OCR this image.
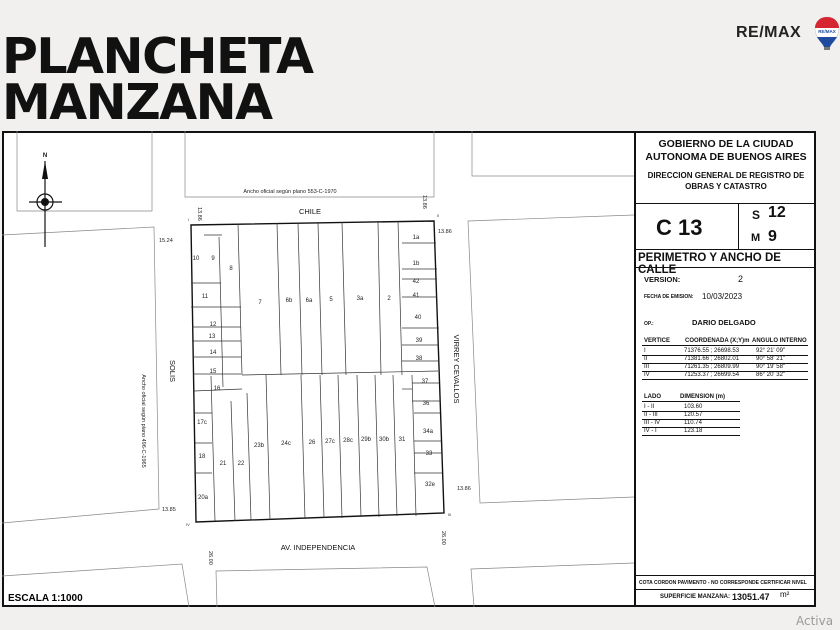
PLANCHETA
MANZANA
RE/MAX	RE/MAX
N
10 9
8
7	6b 6a	5	3a	2
1a
1b
42
41
40
39
38
37
36
34a
33
32e
31
30b
29b
28c
27c
26
24c
23b
22
21
20a
18
17c
16
15
14
13
12
11
CHILE
AV. INDEPENDENCIA
SOLIS	VIRREY CEVALLOS
Ancho oficial según plano 553-C-1970
Ancho oficial según plano 496-C-1965
13.86
13.86
15.24
13.86
13.85
13.86
26.00
26.00
I
II
III
IV
ESCALA 1:1000
GOBIERNO DE LA CIUDAD
AUTONOMA DE BUENOS AIRES
DIRECCION GENERAL DE REGISTRO DE
OBRAS Y CATASTRO
C 13	S 12
M 9
PERIMETRO Y ANCHO DE CALLE
VERSION:	2
FECHA DE EMISION: 10/03/2023
OP.:	DARIO DELGADO
VERTICE COORDENADA (X;Y)m ANGULO INTERNO
I	71376.55 ; 26698.53	92° 21' 09"
II	71381.66 ; 26802.01	90° 58' 21"
III	71261.35 ; 26809.99	90° 19' 58"
IV	71253.37 ; 26699.54	86° 20' 32"
LADO	DIMENSION (m)
I - II	103.60
II - III	120.57
III - IV	110.74
IV - I	123.18
COTA CORDON PAVIMENTO - NO CORRESPONDE CERTIFICAR NIVEL
SUPERFICIE MANZANA: 13051.47 m²
Activa
